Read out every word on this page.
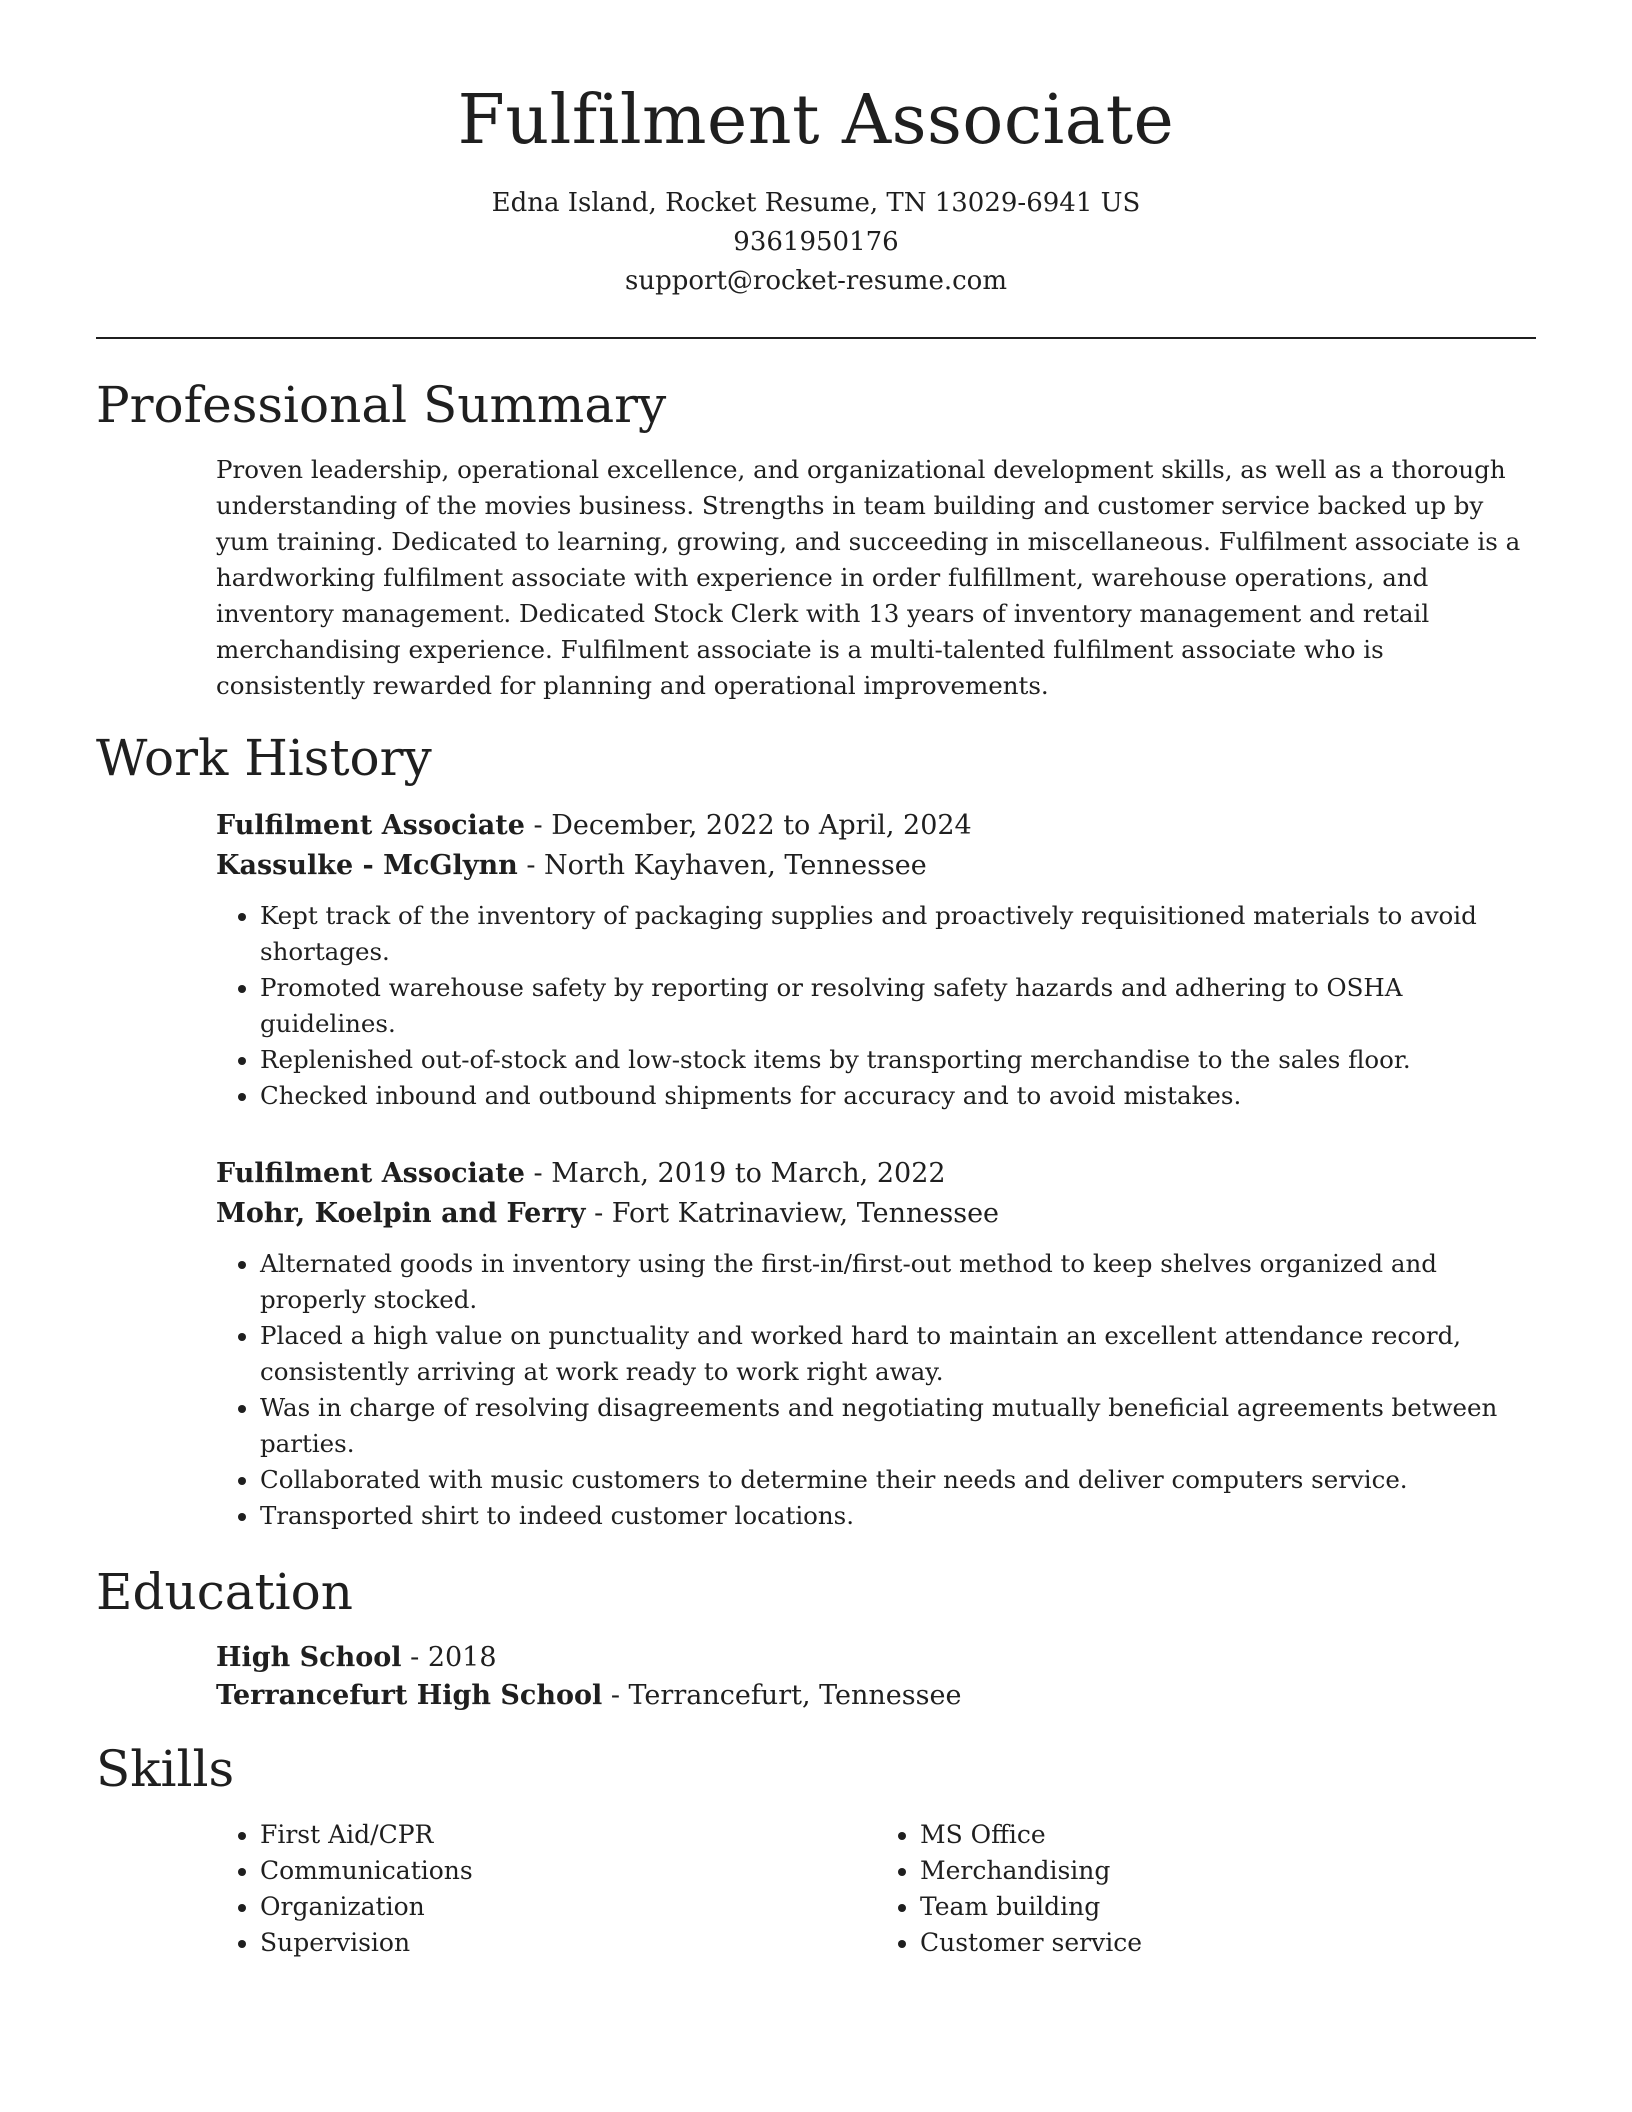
Fulfilment Associate

Edna Island, Rocket Resume, TN 13029-6941 US

9361950176

support@rocket-resume.com

Professional Summary

Proven leadership, operational excellence, and organizational development skills, as well as a thorough understanding of the movies business. Strengths in team building and customer service backed up by yum training. Dedicated to learning, growing, and succeeding in miscellaneous. Fulfilment associate is a hardworking fulfilment associate with experience in order fulfillment, warehouse operations, and inventory management. Dedicated Stock Clerk with 13 years of inventory management and retail merchandising experience. Fulfilment associate is a multi-talented fulfilment associate who is consistently rewarded for planning and operational improvements.

Work History

Fulfilment Associate - December, 2022 to April, 2024

Kassulke - McGlynn - North Kayhaven, Tennessee

• Kept track of the inventory of packaging supplies and proactively requisitioned materials to avoid shortages.
• Promoted warehouse safety by reporting or resolving safety hazards and adhering to OSHA guidelines.
• Replenished out-of-stock and low-stock items by transporting merchandise to the sales floor.
• Checked inbound and outbound shipments for accuracy and to avoid mistakes.

Fulfilment Associate - March, 2019 to March, 2022

Mohr, Koelpin and Ferry - Fort Katrinaview, Tennessee

• Alternated goods in inventory using the first-in/first-out method to keep shelves organized and properly stocked.
• Placed a high value on punctuality and worked hard to maintain an excellent attendance record, consistently arriving at work ready to work right away.
• Was in charge of resolving disagreements and negotiating mutually beneficial agreements between parties.
• Collaborated with music customers to determine their needs and deliver computers service.
• Transported shirt to indeed customer locations.
Education

High School - 2018

Terrancefurt High School - Terrancefurt, Tennessee

Skills
• First Aid/CPR
• Communications
• Organization
• Supervision
• MS Office
• Merchandising
• Team building
• Customer service
